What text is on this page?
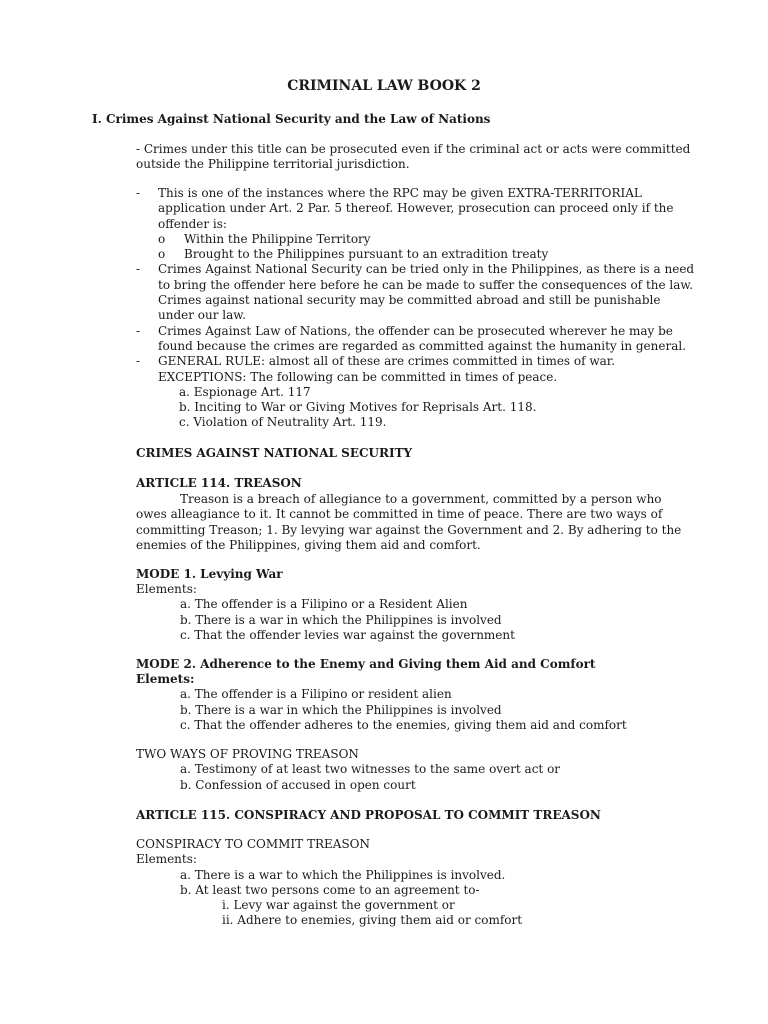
CRIMINAL LAW BOOK 2
I. Crimes Against National Security and the Law of Nations
- Crimes under this title can be prosecuted even if the criminal act or acts were committed outside the Philippine territorial jurisdiction.
- This is one of the instances where the RPC may be given EXTRA-TERRITORIAL application under Art. 2 Par. 5 thereof. However, prosecution can proceed only if the offender is:
o Within the Philippine Territory
o Brought to the Philippines pursuant to an extradition treaty
- Crimes Against National Security can be tried only in the Philippines, as there is a need to bring the offender here before he can be made to suffer the consequences of the law. Crimes against national security may be committed abroad and still be punishable under our law.
- Crimes Against Law of Nations, the offender can be prosecuted wherever he may be found because the crimes are regarded as committed against the humanity in general.
- GENERAL RULE: almost all of these are crimes committed in times of war.
EXCEPTIONS: The following can be committed in times of peace.
a. Espionage Art. 117
b. Inciting to War or Giving Motives for Reprisals Art. 118.
c. Violation of Neutrality Art. 119.
CRIMES AGAINST NATIONAL SECURITY
ARTICLE 114. TREASON
Treason is a breach of allegiance to a government, committed by a person who
owes alleagiance to it. It cannot be committed in time of peace. There are two ways of committing Treason; 1. By levying war against the Government and 2. By adhering to the enemies of the Philippines, giving them aid and comfort.
MODE 1. Levying War
Elements:
a. The offender is a Filipino or a Resident Alien
b. There is a war in which the Philippines is involved
c. That the offender levies war against the government
MODE 2. Adherence to the Enemy and Giving them Aid and Comfort
Elemets:
a. The offender is a Filipino or resident alien
b. There is a war in which the Philippines is involved
c. That the offender adheres to the enemies, giving them aid and comfort
TWO WAYS OF PROVING TREASON
a. Testimony of at least two witnesses to the same overt act or
b. Confession of accused in open court
ARTICLE 115. CONSPIRACY AND PROPOSAL TO COMMIT TREASON
CONSPIRACY TO COMMIT TREASON
Elements:
a. There is a war to which the Philippines is involved.
b. At least two persons come to an agreement to-
i. Levy war against the government or
ii. Adhere to enemies, giving them aid or comfort
